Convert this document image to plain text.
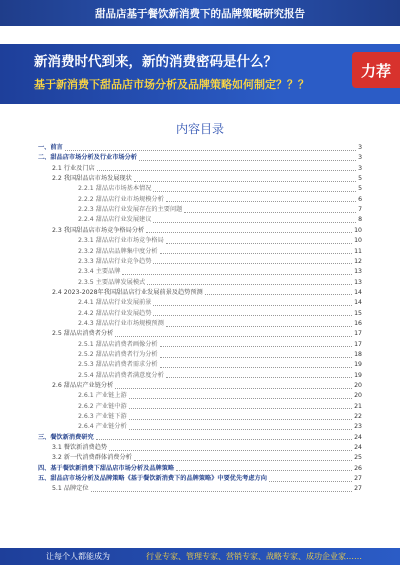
甜品店基于餐饮新消费下的品牌策略研究报告
新消费时代到来，新的消费密码是什么？
基于新消费下甜品店市场分析及品牌策略如何制定？？？
力荐
内容目录
一、前言	3
二、甜品店市场分析及行业市场分析	3
2.1 行业及门店	3
2.2 我国甜品店市场发展现状	5
2.2.1 甜品店市场基本情况	5
2.2.2 甜品店行业市场规模分析	6
2.2.3 甜品店行业发展存在的主要问题	7
2.2.4 甜品店行业发展建议	8
2.3 我国甜品店市场竞争格局分析	10
2.3.1 甜品店行业市场竞争格局	10
2.3.2 甜品店品牌集中度分析	11
2.3.3 甜品店行业竞争趋势	12
2.3.4 主要品牌	13
2.3.5 主要品牌发展模式	13
2.4 2023-2028年我国甜品店行业发展前景及趋势预测	14
2.4.1 甜品店行业发展前景	14
2.4.2 甜品店行业发展趋势	15
2.4.3 甜品店行业市场规模预测	16
2.5 甜品店消费者分析	17
2.5.1 甜品店消费者画像分析	17
2.5.2 甜品店消费者行为分析	18
2.5.3 甜品店消费者需求分析	19
2.5.4 甜品店消费者满意度分析	19
2.6 甜品店产业链分析	20
2.6.1 产业链上游	20
2.6.2 产业链中游	21
2.6.3 产业链下游	22
2.6.4 产业链分析	23
三、餐饮新消费研究	24
3.1 餐饮新消费趋势	24
3.2 新一代消费群体消费分析	25
四、基于餐饮新消费下甜品店市场分析及品牌策略	26
五、甜品店市场分析及品牌策略《基于餐饮新消费下的品牌策略》中要优先考虑方向	27
5.1 品牌定位	27
让每个人都能成为	行业专家、管理专家、营销专家、战略专家、成功企业家……
